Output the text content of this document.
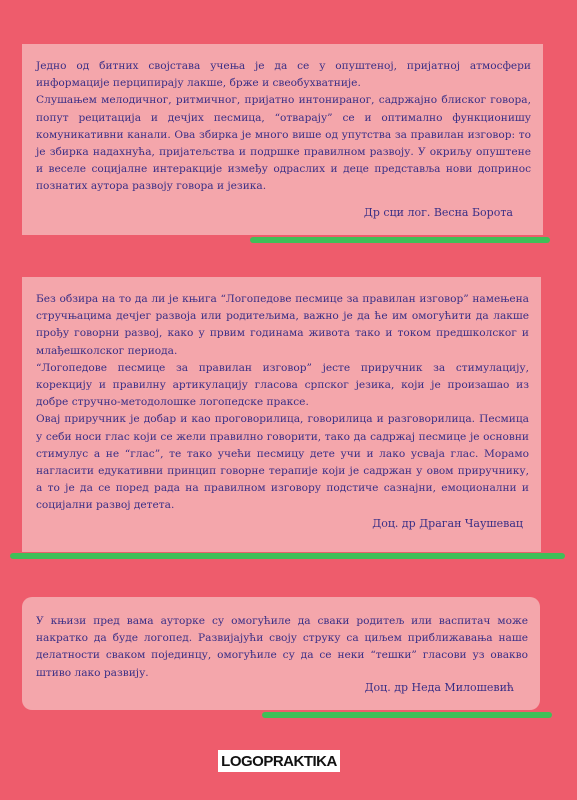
Једно од битних својстава учења је да се у опуштеној, пријатној атмосфери информације перципирају лакше, брже и свеобухватније.

Слушањем мелодичног, ритмичног, пријатно интонираног, садржајно блиског говора, попут рецитација и дечјих песмица, “отварају” се и оптимално функционишу комуникативни канали. Ова збирка је много више од упутства за правилан изговор: то је збирка надахнућа, пријатељства и подршке правилном развоју. У окриљу опуштене и веселе социјалне интеракције између одраслих и деце представља нови допринос познатих аутора развоју говора и језика.

Др сци лог. Весна Борота

Без обзира на то да ли је књига “Логопедове песмице за правилан изговор” намењена стручњацима дечјег развоја или родитељима, важно је да ће им омогућити да лакше прођу говорни развој, како у првим годинама живота тако и током предшколског и млађешколског периода.

“Логопедове песмице за правилан изговор” јесте приручник за стимулацију, корекцију и правилну артикулацију гласова српског језика, који је произашао из добре стручно-методолошке логопедске праксе.

Овај приручник је добар и као проговорилица, говорилица и разговорилица. Песмица у себи носи глас који се жели правилно говорити, тако да садржај песмице је основни стимулус а не “глас”, те тако учећи песмицу дете учи и лако усваја глас. Морамо нагласити едукативни принцип говорне терапије који је садржан у овом приручнику, а то је да се поред рада на правилном изговору подстиче сазнајни, емоционални и социјални развој детета.

Доц. др Драган Чаушевац

У књизи пред вама ауторке су омогућиле да сваки родитељ или васпитач може накратко да буде логопед. Развијајући своју струку са циљем приближавања наше делатности сваком појединцу, омогућиле су да се неки “тешки” гласови уз овакво штиво лако развију.

Доц. др Неда Милошевић
LOGO PRAKTIKA
